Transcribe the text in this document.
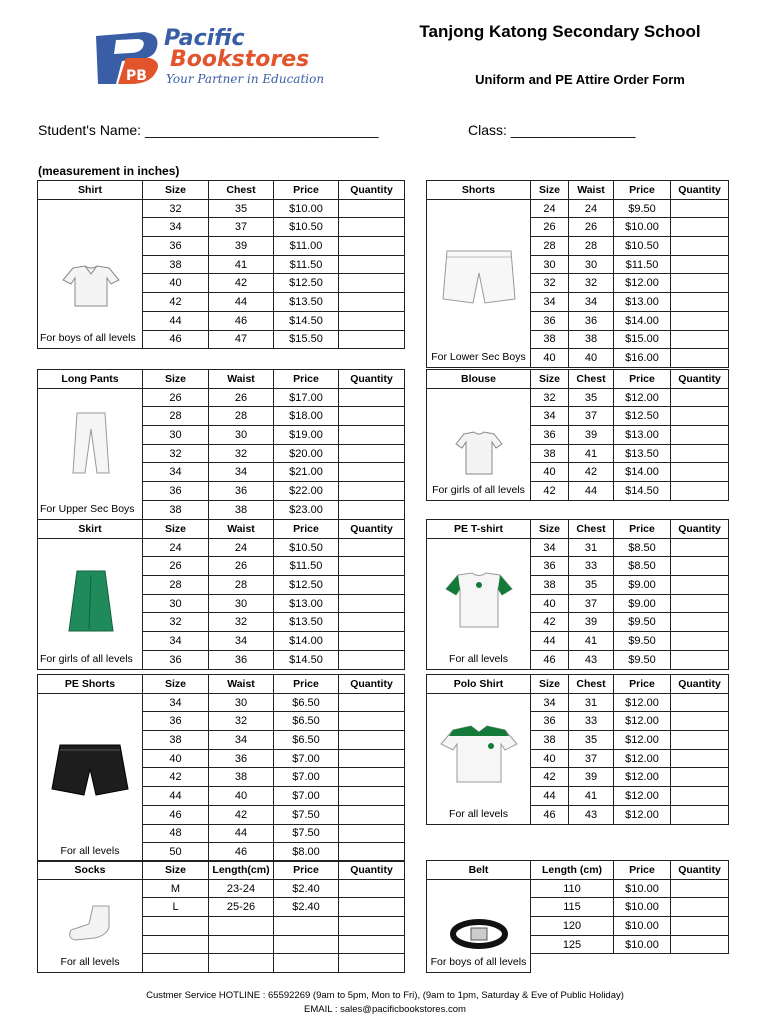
PB
Pacific
Bookstores
Your Partner in Education
Tanjong Katong Secondary School
Uniform and PE Attire Order Form
Student's Name: ______________________________	Class: ________________
(measurement in inches)
Shirt	Size	Chest	Price	Quantity

For boys of all levels	32	35	$10.00	
	34	37	$10.50	
	36	39	$11.00	
	38	41	$11.50	
	40	42	$12.50	
	42	44	$13.50	
	44	46	$14.50	
	46	47	$15.50	
Shorts	Size	Waist	Price	Quantity

For Lower Sec Boys	24	24	$9.50	
	26	26	$10.00	
	28	28	$10.50	
	30	30	$11.50	
	32	32	$12.00	
	34	34	$13.00	
	36	36	$14.00	
	38	38	$15.00	
	40	40	$16.00	
Long Pants	Size	Waist	Price	Quantity

For Upper Sec Boys	26	26	$17.00	
	28	28	$18.00	
	30	30	$19.00	
	32	32	$20.00	
	34	34	$21.00	
	36	36	$22.00	
	38	38	$23.00	
Blouse	Size	Chest	Price	Quantity

For girls of all levels	32	35	$12.00	
	34	37	$12.50	
	36	39	$13.00	
	38	41	$13.50	
	40	42	$14.00	
	42	44	$14.50	
Skirt	Size	Waist	Price	Quantity

For girls of all levels	24	24	$10.50	
	26	26	$11.50	
	28	28	$12.50	
	30	30	$13.00	
	32	32	$13.50	
	34	34	$14.00	
	36	36	$14.50	
PE T-shirt	Size	Chest	Price	Quantity

For all levels	34	31	$8.50	
	36	33	$8.50	
	38	35	$9.00	
	40	37	$9.00	
	42	39	$9.50	
	44	41	$9.50	
	46	43	$9.50	
PE Shorts	Size	Waist	Price	Quantity

For all levels	34	30	$6.50	
	36	32	$6.50	
	38	34	$6.50	
	40	36	$7.00	
	42	38	$7.00	
	44	40	$7.00	
	46	42	$7.50	
	48	44	$7.50	
	50	46	$8.00	
Polo Shirt	Size	Chest	Price	Quantity

For all levels	34	31	$12.00	
	36	33	$12.00	
	38	35	$12.00	
	40	37	$12.00	
	42	39	$12.00	
	44	41	$12.00	
	46	43	$12.00	
Socks	Size	Length(cm)	Price	Quantity

For all levels	M	23-24	$2.40	
	L	25-26	$2.40	

Belt	Length (cm)	Price	Quantity

For boys of all levels	110	$10.00	
	115	$10.00	
	120	$10.00	
	125	$10.00	

Custmer Service HOTLINE : 65592269 (9am to 5pm, Mon to Fri), (9am to 1pm, Saturday & Eve of Public Holiday)
EMAIL : sales@pacificbookstores.com
